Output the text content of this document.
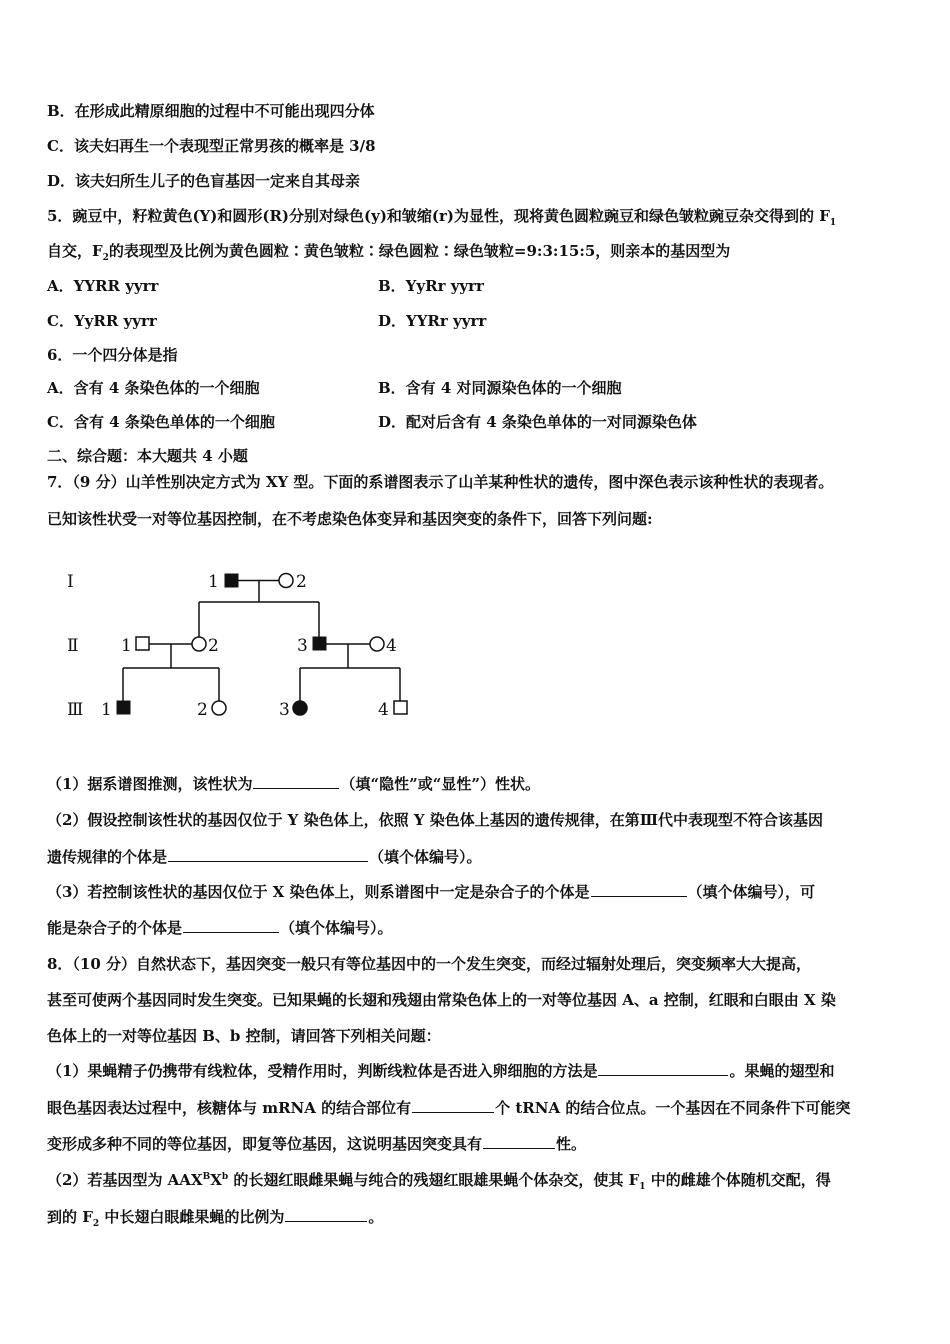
B．在形成此精原细胞的过程中不可能出现四分体
C．该夫妇再生一个表现型正常男孩的概率是 3/8
D．该夫妇所生儿子的色盲基因一定来自其母亲
5．豌豆中，籽粒黄色(Y)和圆形(R)分别对绿色(y)和皱缩(r)为显性，现将黄色圆粒豌豆和绿色皱粒豌豆杂交得到的 $F_1$
自交，$F_2$的表现型及比例为黄色圆粒∶黄色皱粒∶绿色圆粒∶绿色皱粒=9:3:15:5，则亲本的基因型为
A．YYRR yyrr	B．YyRr yyrr
C．YyRR yyrr	D．YYRr yyrr
6．一个四分体是指
A．含有 4 条染色体的一个细胞	B．含有 4 对同源染色体的一个细胞
C．含有 4 条染色单体的一个细胞	D．配对后含有 4 条染色单体的一对同源染色体
二、综合题：本大题共 4 小题
7．（9 分）山羊性别决定方式为 XY 型。下面的系谱图表示了山羊某种性状的遗传，图中深色表示该种性状的表现者。
已知该性状受一对等位基因控制，在不考虑染色体变异和基因突变的条件下，回答下列问题:
Ⅰ
Ⅱ
Ⅲ
1	2
1	2	3	4
1	2	3	4
（1）据系谱图推测，该性状为	（填“隐性”或“显性”）性状。
（2）假设控制该性状的基因仅位于 Y 染色体上，依照 Y 染色体上基因的遗传规律，在第Ⅲ代中表现型不符合该基因
遗传规律的个体是	（填个体编号）。
（3）若控制该性状的基因仅位于 X 染色体上，则系谱图中一定是杂合子的个体是	（填个体编号），可
能是杂合子的个体是	（填个体编号）。
8．（10 分）自然状态下，基因突变一般只有等位基因中的一个发生突变，而经过辐射处理后，突变频率大大提高，
甚至可使两个基因同时发生突变。已知果蝇的长翅和残翅由常染色体上的一对等位基因 A、a 控制，红眼和白眼由 X 染
色体上的一对等位基因 B、b 控制，请回答下列相关问题：
（1）果蝇精子仍携带有线粒体，受精作用时，判断线粒体是否进入卵细胞的方法是	。果蝇的翅型和
眼色基因表达过程中，核糖体与 mRNA 的结合部位有	个 tRNA 的结合位点。一个基因在不同条件下可能突
变形成多种不同的等位基因，即复等位基因，这说明基因突变具有	性。
（2）若基因型为 $AAX^BX^b$ 的长翅红眼雌果蝇与纯合的残翅红眼雄果蝇个体杂交，使其 $F_1$ 中的雌雄个体随机交配，得
到的 $F_2$ 中长翅白眼雌果蝇的比例为	。
